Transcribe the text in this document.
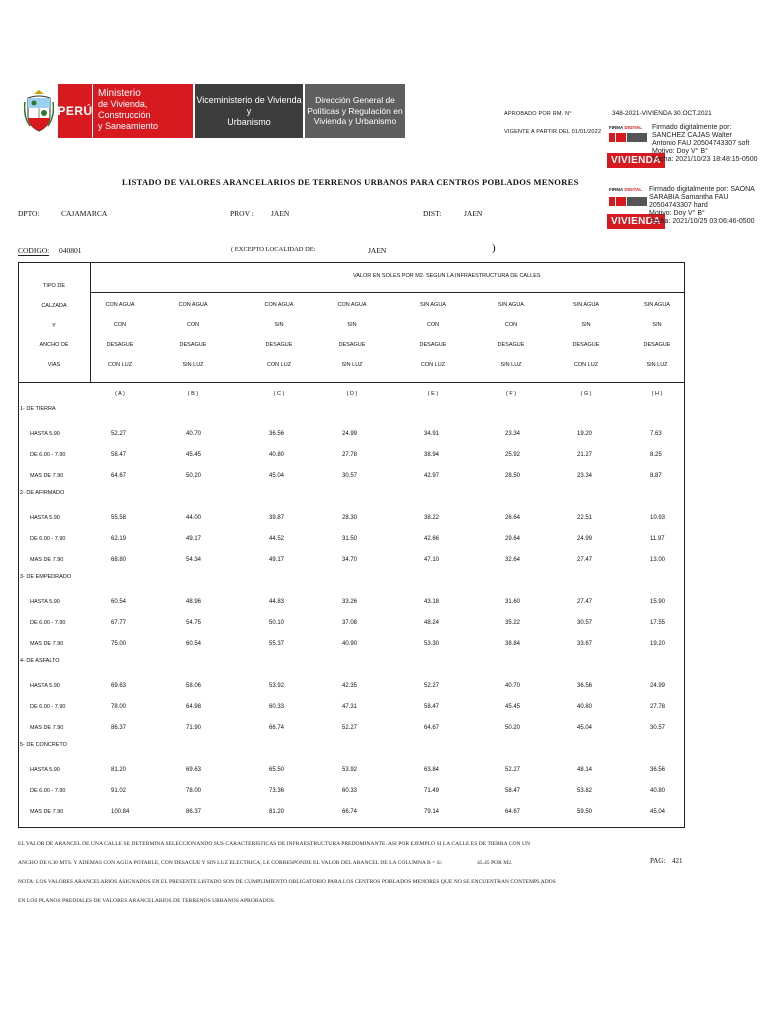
PERÚ
Ministerio
de Vivienda, Construcción
y Saneamiento
Viceministerio de Vivienda y
Urbanismo
Dirección General de
Políticas y Regulación en
Vivienda y Urbanismo
APROBADO POR RM. N°	348-2021-VIVIENDA 30.OCT.2021
VIGENTE A PARTIR DEL 01/01/2022
FIRMA DIGITAL
VIVIENDA
Firmado digitalmente por:
SANCHEZ CAJAS Walter
Antonio FAU 20504743307 soft
Motivo: Doy V° B°
Fecha: 2021/10/23 18:48:15-0500
FIRMA DIGITAL
VIVIENDA
Firmado digitalmente por: SAONA
SARABIA Samantha FAU
20504743307 hard
Motivo: Doy V° B°
Fecha: 2021/10/25 03:06:46-0500
LISTADO DE VALORES ARANCELARIOS DE TERRENOS URBANOS PARA CENTROS POBLADOS MENORES
DPTO:	CAJAMARCA	PROV : JAEN	DIST:	JAEN
CODIGO: 040801	( EXCEPTO LOCALIDAD DE:	JAEN	)
VALOR EN SOLES POR M2. SEGUN LA INFRAESTRUCTURA DE CALLES
TIPO DE
CALZADA
Y
ANCHO DE
VIAS
CON AGUA
CON
DESAGUE
CON LUZ
( A )
CON AGUA
CON
DESAGUE
SIN LUZ
( B )
CON AGUA
SIN
DESAGUE
CON LUZ
( C )
CON AGUA
SIN
DESAGUE
SIN LUZ
( D )
SIN AGUA
CON
DESAGUE
CON LUZ
( E )
SIN AGUA
CON
DESAGUE
SIN LUZ
( F )
SIN AGUA
SIN
DESAGUE
CON LUZ
( G )
SIN AGUA
SIN
DESAGUE
SIN LUZ
( H )
1- DE TIERRA
HASTA 5.90	52.27	40.70	36.56	24.99	34.91	23.34	19.20	7.63
DE 6.00 - 7.90	58.47	45.45	40.80	27.78	38.94	25.92	21.27	8.25
MAS DE 7.90	64.67	50.20	45.04	30.57	42.97	28.50	23.34	8.87
2- DE AFIRMADO
HASTA 5.90	55.58	44.00	39.87	28.30	38.22	26.64	22.51	10.93
DE 6.00 - 7.90	62.19	49.17	44.52	31.50	42.66	29.64	24.99	11.97
MAS DE 7.90	68.80	54.34	49.17	34.70	47.10	32.64	27.47	13.00
3- DE EMPEDRADO
HASTA 5.90	60.54	48.96	44.83	33.26	43.18	31.60	27.47	15.90
DE 6.00 - 7.90	67.77	54.75	50.10	37.08	48.24	35.22	30.57	17.55
MAS DE 7.90	75.00	60.54	55.37	40.90	53.30	38.84	33.67	19.20
4- DE ASFALTO
HASTA 5.90	69.63	58.06	53.92	42.35	52.27	40.70	36.56	24.99
DE 6.00 - 7.90	78.00	64.98	60.33	47.31	58.47	45.45	40.80	27.78
MAS DE 7.90	86.37	71.90	66.74	52.27	64.67	50.20	45.04	30.57
5- DE CONCRETO
HASTA 5.90	81.20	69.63	65.50	53.92	63.84	52.27	48.14	36.56
DE 6.00 - 7.90	91.02	78.00	73.36	60.33	71.49	58.47	53.82	40.80
MAS DE 7.90	100.84	86.37	81.20	66.74	79.14	64.67	59.50	45.04
EL VALOR DE ARANCEL DE UNA CALLE SE DETERMINA SELECCIONANDO SUS CARACTERISTICAS DE INFRAESTRUCTURA PREDOMINANTE. ASI POR EJEMPLO SI LA CALLE ES DE TIERRA CON UN
ANCHO DE 6.30 MTS. Y ADEMAS CON AGUA POTABLE, CON DESAGUE Y SIN LUZ ELECTRICA, LE CORRESPONDE EL VALOR DEL ARANCEL DE LA COLUMNA B = S/.	45.45 POR M2.
NOTA: LOS VALORES ARANCELARIOS ASIGNADOS EN EL PRESENTE LISTADO SON DE CUMPLIMIENTO OBLIGATORIO PARA LOS CENTROS POBLADOS MENORES QUE NO SE ENCUENTRAN CONTEMPLADOS
EN LOS PLANOS PREDIALES DE VALORES ARANCELARIOS DE TERRENOS URBANOS APROBADOS.
PAG: 421
